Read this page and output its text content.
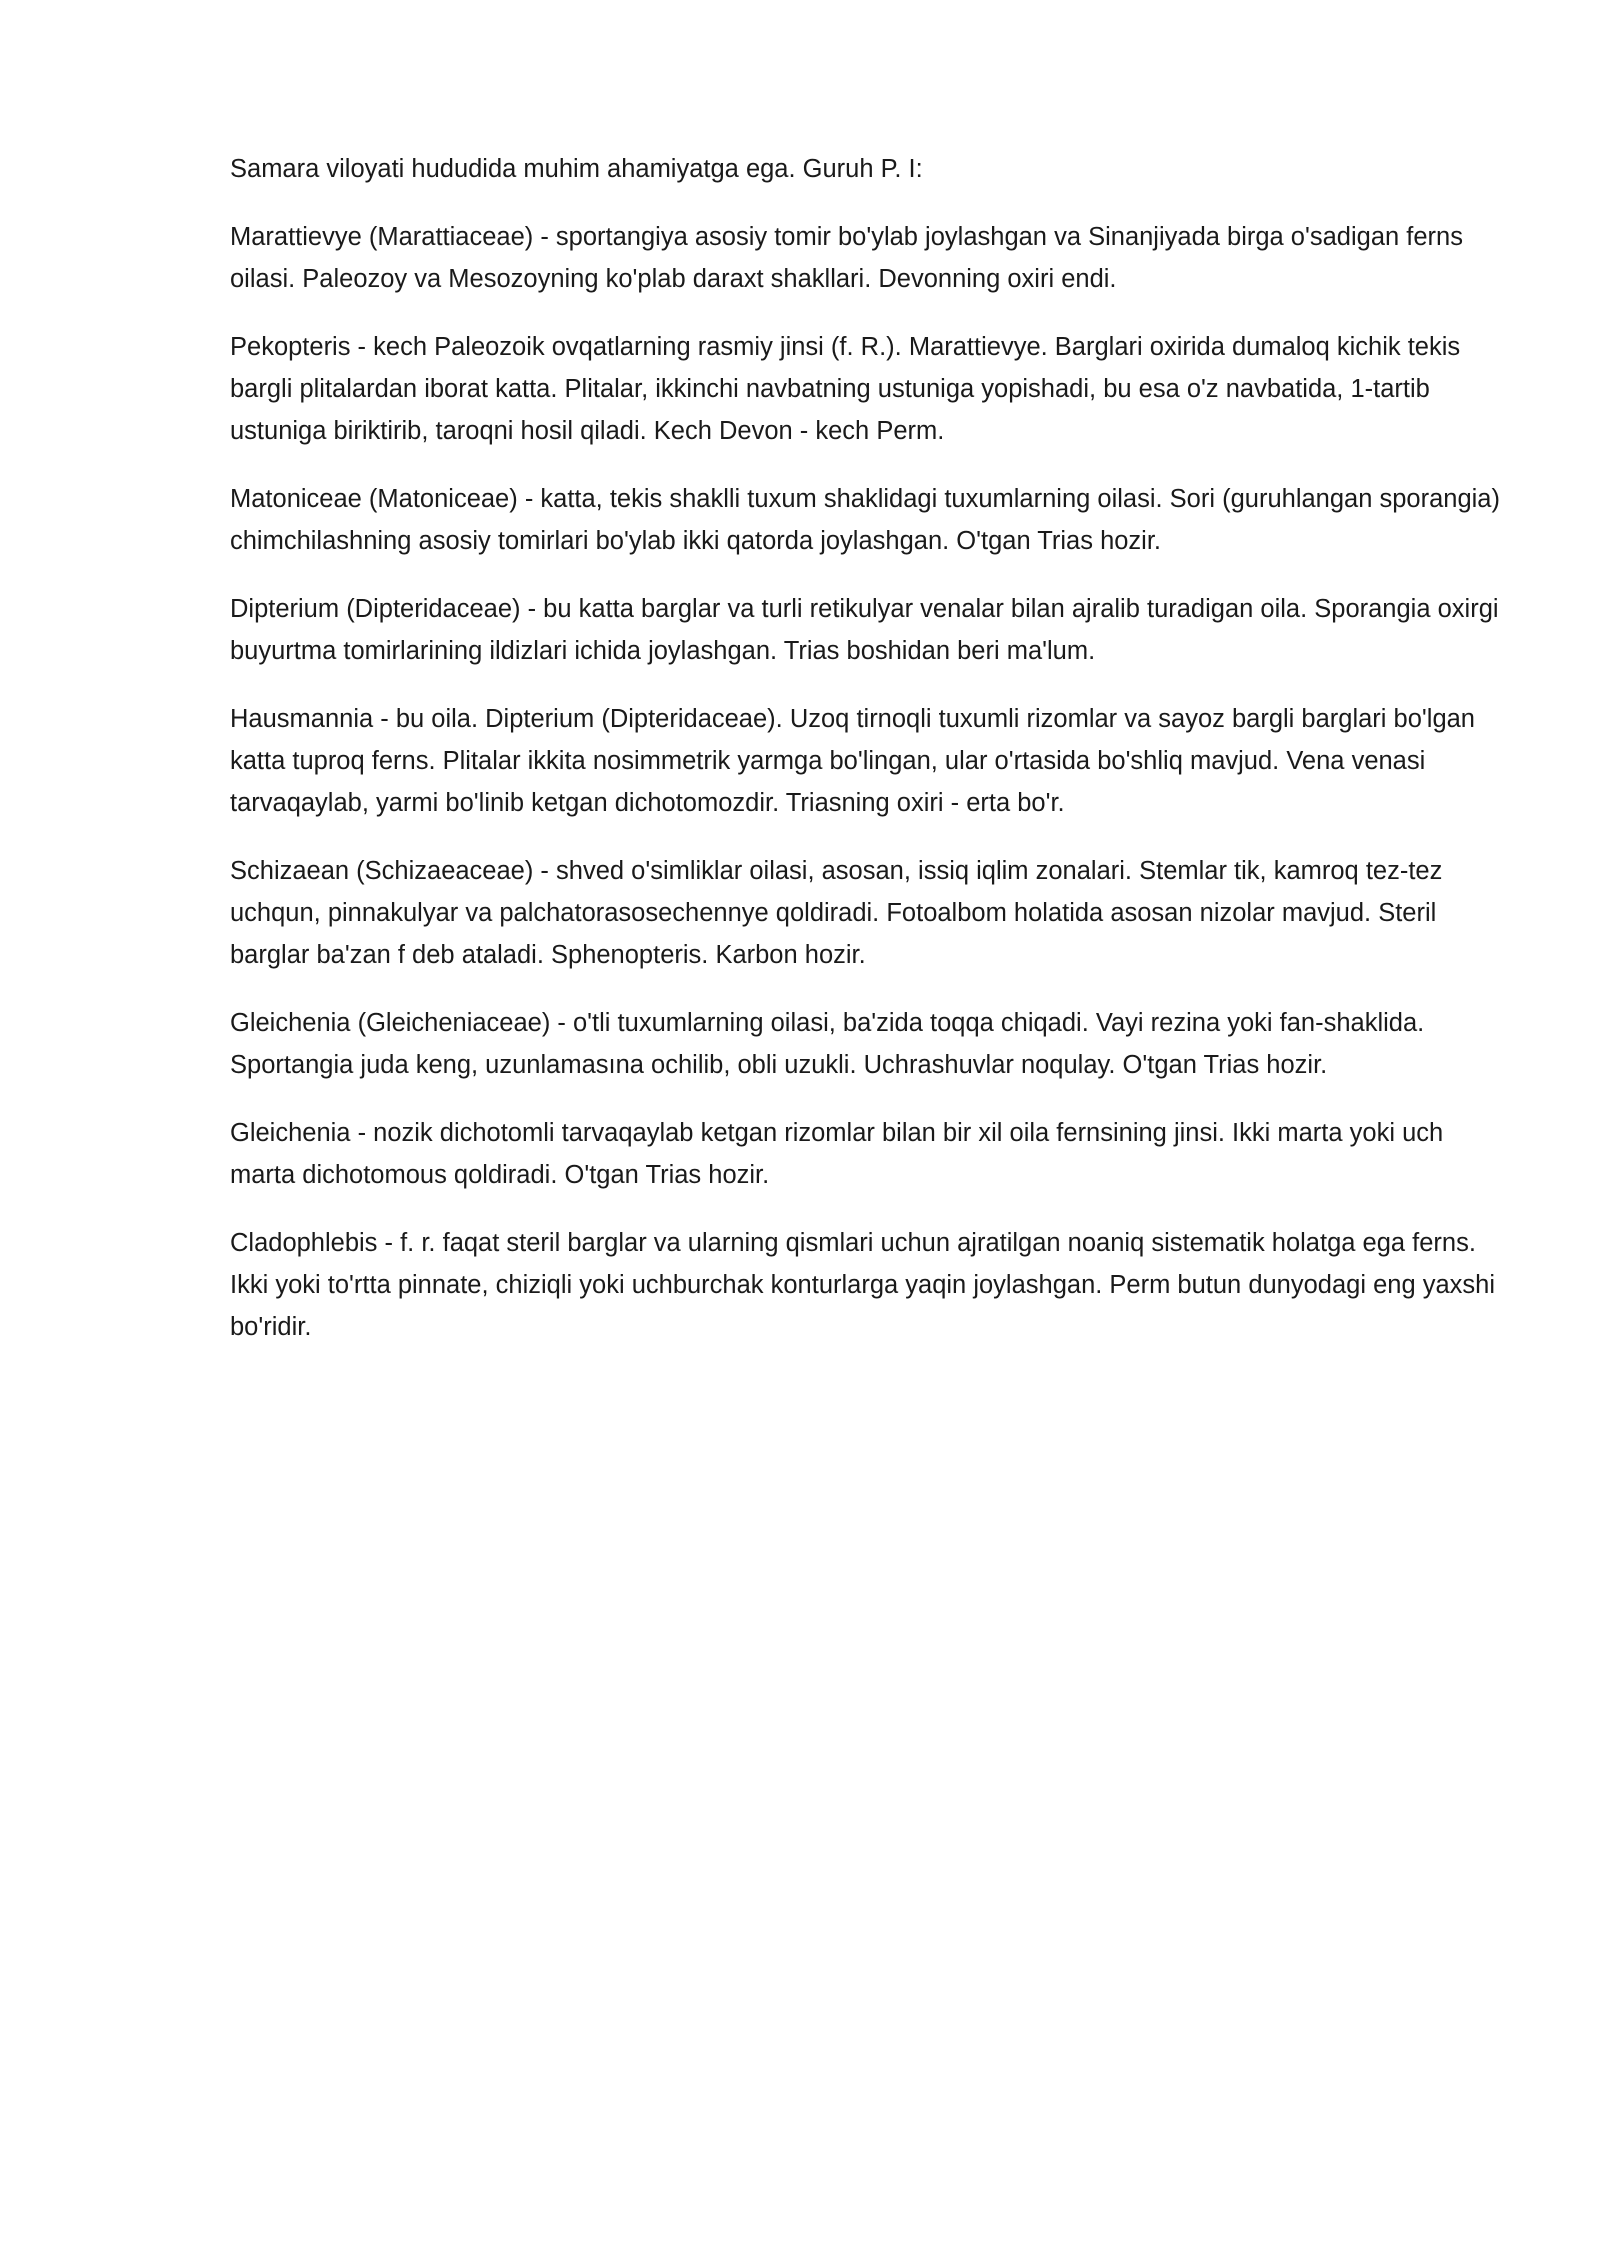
Samara viloyati hududida muhim ahamiyatga ega. Guruh P. I:

Marattievye (Marattiaceae) - sportangiya asosiy tomir bo'ylab joylashgan va Sinanjiyada birga o'sadigan ferns oilasi. Paleozoy va Mesozoyning ko'plab daraxt shakllari. Devonning oxiri endi.

Pekopteris - kech Paleozoik ovqatlarning rasmiy jinsi (f. R.). Marattievye. Barglari oxirida dumaloq kichik tekis bargli plitalardan iborat katta. Plitalar, ikkinchi navbatning ustuniga yopishadi, bu esa o'z navbatida, 1-tartib ustuniga biriktirib, taroqni hosil qiladi. Kech Devon - kech Perm.

Matoniceae (Matoniceae) - katta, tekis shaklli tuxum shaklidagi tuxumlarning oilasi. Sori (guruhlangan sporangia) chimchilashning asosiy tomirlari bo'ylab ikki qatorda joylashgan. O'tgan Trias hozir.

Dipterium (Dipteridaceae) - bu katta barglar va turli retikulyar venalar bilan ajralib turadigan oila. Sporangia oxirgi buyurtma tomirlarining ildizlari ichida joylashgan. Trias boshidan beri ma'lum.

Hausmannia - bu oila. Dipterium (Dipteridaceae). Uzoq tirnoqli tuxumli rizomlar va sayoz bargli barglari bo'lgan katta tuproq ferns. Plitalar ikkita nosimmetrik yarmga bo'lingan, ular o'rtasida bo'shliq mavjud. Vena venasi tarvaqaylab, yarmi bo'linib ketgan dichotomozdir. Triasning oxiri - erta bo'r.

Schizaean (Schizaeaceae) - shved o'simliklar oilasi, asosan, issiq iqlim zonalari. Stemlar tik, kamroq tez-tez uchqun, pinnakulyar va palchatorasosechennye qoldiradi. Fotoalbom holatida asosan nizolar mavjud. Steril barglar ba'zan f deb ataladi. Sphenopteris. Karbon hozir.

Gleichenia (Gleicheniaceae) - o'tli tuxumlarning oilasi, ba'zida toqqa chiqadi. Vayi rezina yoki fan-shaklida. Sportangia juda keng, uzunlamasına ochilib, obli uzukli. Uchrashuvlar noqulay. O'tgan Trias hozir.

Gleichenia - nozik dichotomli tarvaqaylab ketgan rizomlar bilan bir xil oila fernsining jinsi. Ikki marta yoki uch marta dichotomous qoldiradi. O'tgan Trias hozir.

Cladophlebis - f. r. faqat steril barglar va ularning qismlari uchun ajratilgan noaniq sistematik holatga ega ferns. Ikki yoki to'rtta pinnate, chiziqli yoki uchburchak konturlarga yaqin joylashgan. Perm butun dunyodagi eng yaxshi bo'ridir.
